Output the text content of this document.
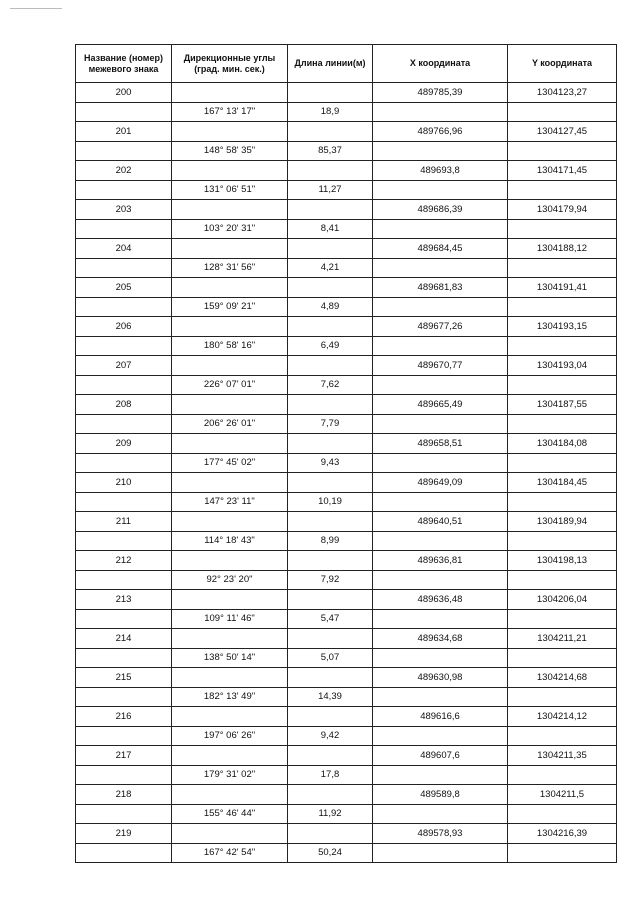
Название (номер) межевого знака	Дирекционные углы (град. мин. сек.)	Длина линии(м)	X координата	Y координата
200			489785,39	1304123,27
	167° 13' 17"	18,9		
201			489766,96	1304127,45
	148° 58' 35"	85,37		
202			489693,8	1304171,45
	131° 06' 51"	11,27		
203			489686,39	1304179,94
	103° 20' 31"	8,41		
204			489684,45	1304188,12
	128° 31' 56"	4,21		
205			489681,83	1304191,41
	159° 09' 21"	4,89		
206			489677,26	1304193,15
	180° 58' 16"	6,49		
207			489670,77	1304193,04
	226° 07' 01"	7,62		
208			489665,49	1304187,55
	206° 26' 01"	7,79		
209			489658,51	1304184,08
	177° 45' 02"	9,43		
210			489649,09	1304184,45
	147° 23' 11"	10,19		
211			489640,51	1304189,94
	114° 18' 43"	8,99		
212			489636,81	1304198,13
	92° 23' 20"	7,92		
213			489636,48	1304206,04
	109° 11' 46"	5,47		
214			489634,68	1304211,21
	138° 50' 14"	5,07		
215			489630,98	1304214,68
	182° 13' 49"	14,39		
216			489616,6	1304214,12
	197° 06' 26"	9,42		
217			489607,6	1304211,35
	179° 31' 02"	17,8		
218			489589,8	1304211,5
	155° 46' 44"	11,92		
219			489578,93	1304216,39
	167° 42' 54"	50,24		
